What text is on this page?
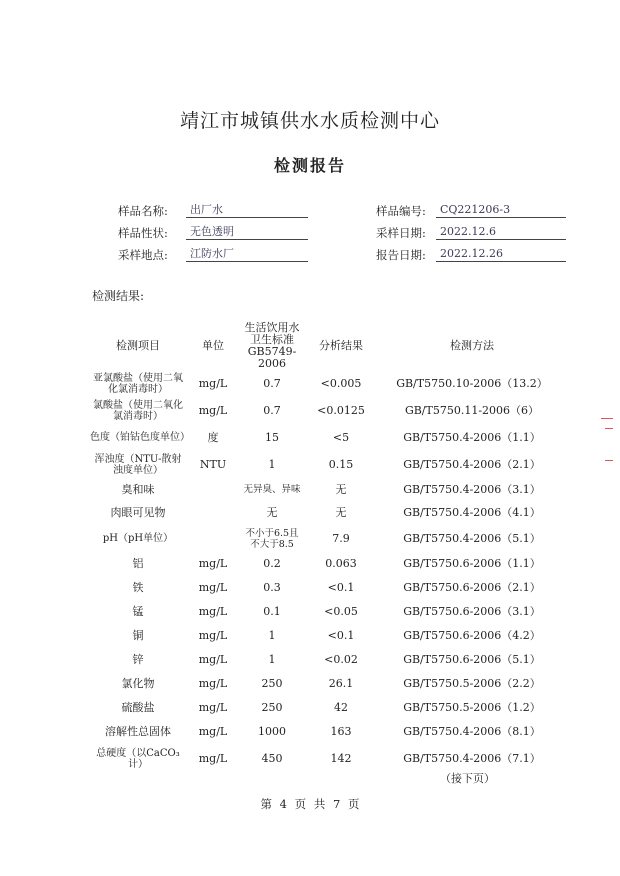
靖江市城镇供水水质检测中心
检测报告
样品名称:	出厂水
样品性状:	无色透明
采样地点:	江防水厂
样品编号:	CQ221206-3
采样日期:	2022.12.6
报告日期:	2022.12.26
检测结果:
检测项目	单位	生活饮用水卫生标准GB5749-2006	分析结果	检测方法
亚氯酸盐（使用二氧化氯消毒时）	mg/L	0.7	<0.005	GB/T5750.10-2006（13.2）
氯酸盐（使用二氧化氯消毒时）	mg/L	0.7	<0.0125	GB/T5750.11-2006（6）
色度（铂钴色度单位）	度	15	<5	GB/T5750.4-2006（1.1）
浑浊度（NTU-散射浊度单位）	NTU	1	0.15	GB/T5750.4-2006（2.1）
臭和味		无异臭、异味	无	GB/T5750.4-2006（3.1）
肉眼可见物		无	无	GB/T5750.4-2006（4.1）
pH（pH单位）		不小于6.5且不大于8.5	7.9	GB/T5750.4-2006（5.1）
铝	mg/L	0.2	0.063	GB/T5750.6-2006（1.1）
铁	mg/L	0.3	<0.1	GB/T5750.6-2006（2.1）
锰	mg/L	0.1	<0.05	GB/T5750.6-2006（3.1）
铜	mg/L	1	<0.1	GB/T5750.6-2006（4.2）
锌	mg/L	1	<0.02	GB/T5750.6-2006（5.1）
氯化物	mg/L	250	26.1	GB/T5750.5-2006（2.2）
硫酸盐	mg/L	250	42	GB/T5750.5-2006（1.2）
溶解性总固体	mg/L	1000	163	GB/T5750.4-2006（8.1）
总硬度（以CaCO₃计）	mg/L	450	142	GB/T5750.4-2006（7.1）
（接下页）
第 4 页 共 7 页
